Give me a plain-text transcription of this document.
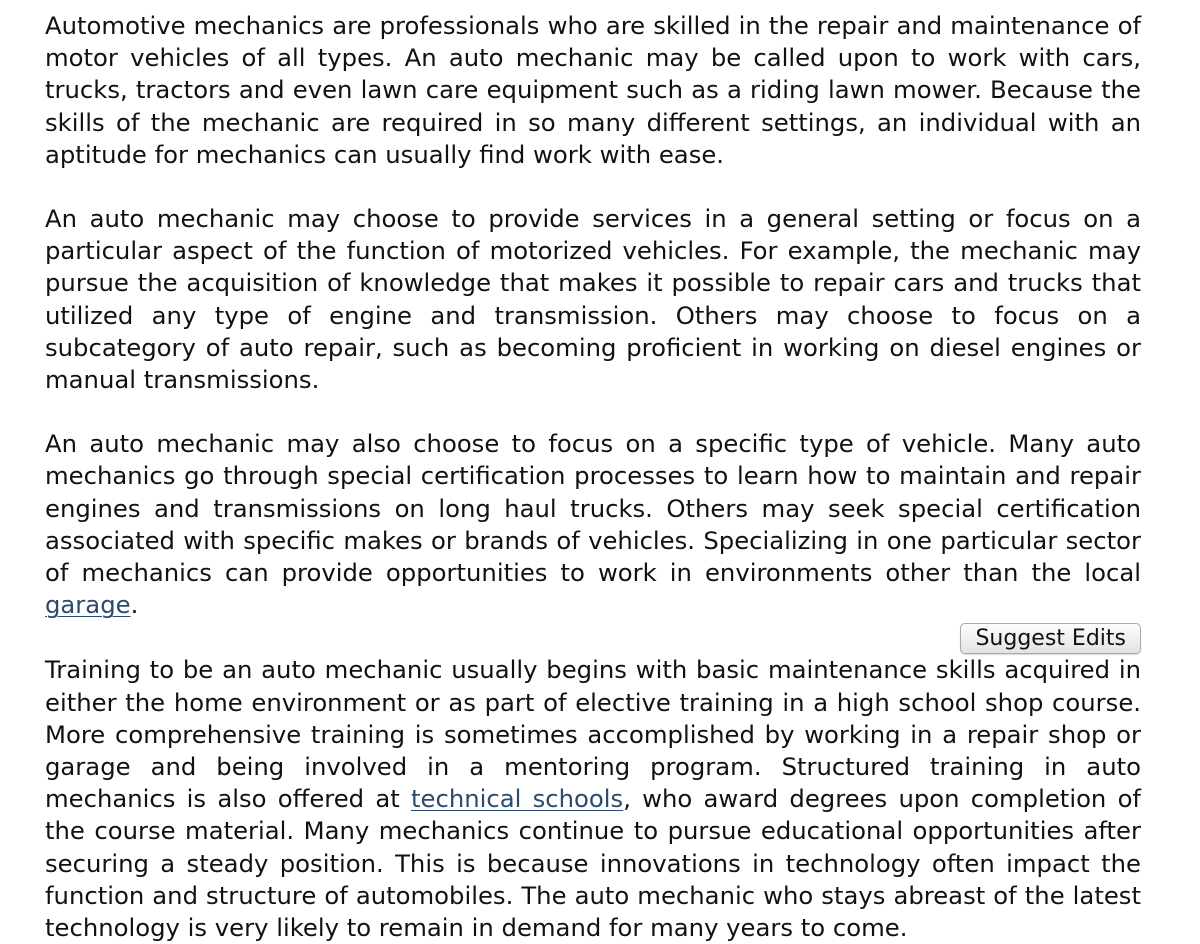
Automotive mechanics are professionals who are skilled in the repair and maintenance of motor vehicles of all types. An auto mechanic may be called upon to work with cars, trucks, tractors and even lawn care equipment such as a riding lawn mower. Because the skills of the mechanic are required in so many different settings, an individual with an aptitude for mechanics can usually find work with ease.

An auto mechanic may choose to provide services in a general setting or focus on a particular aspect of the function of motorized vehicles. For example, the mechanic may pursue the acquisition of knowledge that makes it possible to repair cars and trucks that utilized any type of engine and transmission. Others may choose to focus on a subcategory of auto repair, such as becoming proficient in working on diesel engines or manual transmissions.

An auto mechanic may also choose to focus on a specific type of vehicle. Many auto mechanics go through special certification processes to learn how to maintain and repair engines and transmissions on long haul trucks. Others may seek special certification associated with specific makes or brands of vehicles. Specializing in one particular sector of mechanics can provide opportunities to work in environments other than the local garage.

Suggest Edits

Training to be an auto mechanic usually begins with basic maintenance skills acquired in either the home environment or as part of elective training in a high school shop course. More comprehensive training is sometimes accomplished by working in a repair shop or garage and being involved in a mentoring program. Structured training in auto mechanics is also offered at technical schools, who award degrees upon completion of the course material. Many mechanics continue to pursue educational opportunities after securing a steady position. This is because innovations in technology often impact the function and structure of automobiles. The auto mechanic who stays abreast of the latest technology is very likely to remain in demand for many years to come.
